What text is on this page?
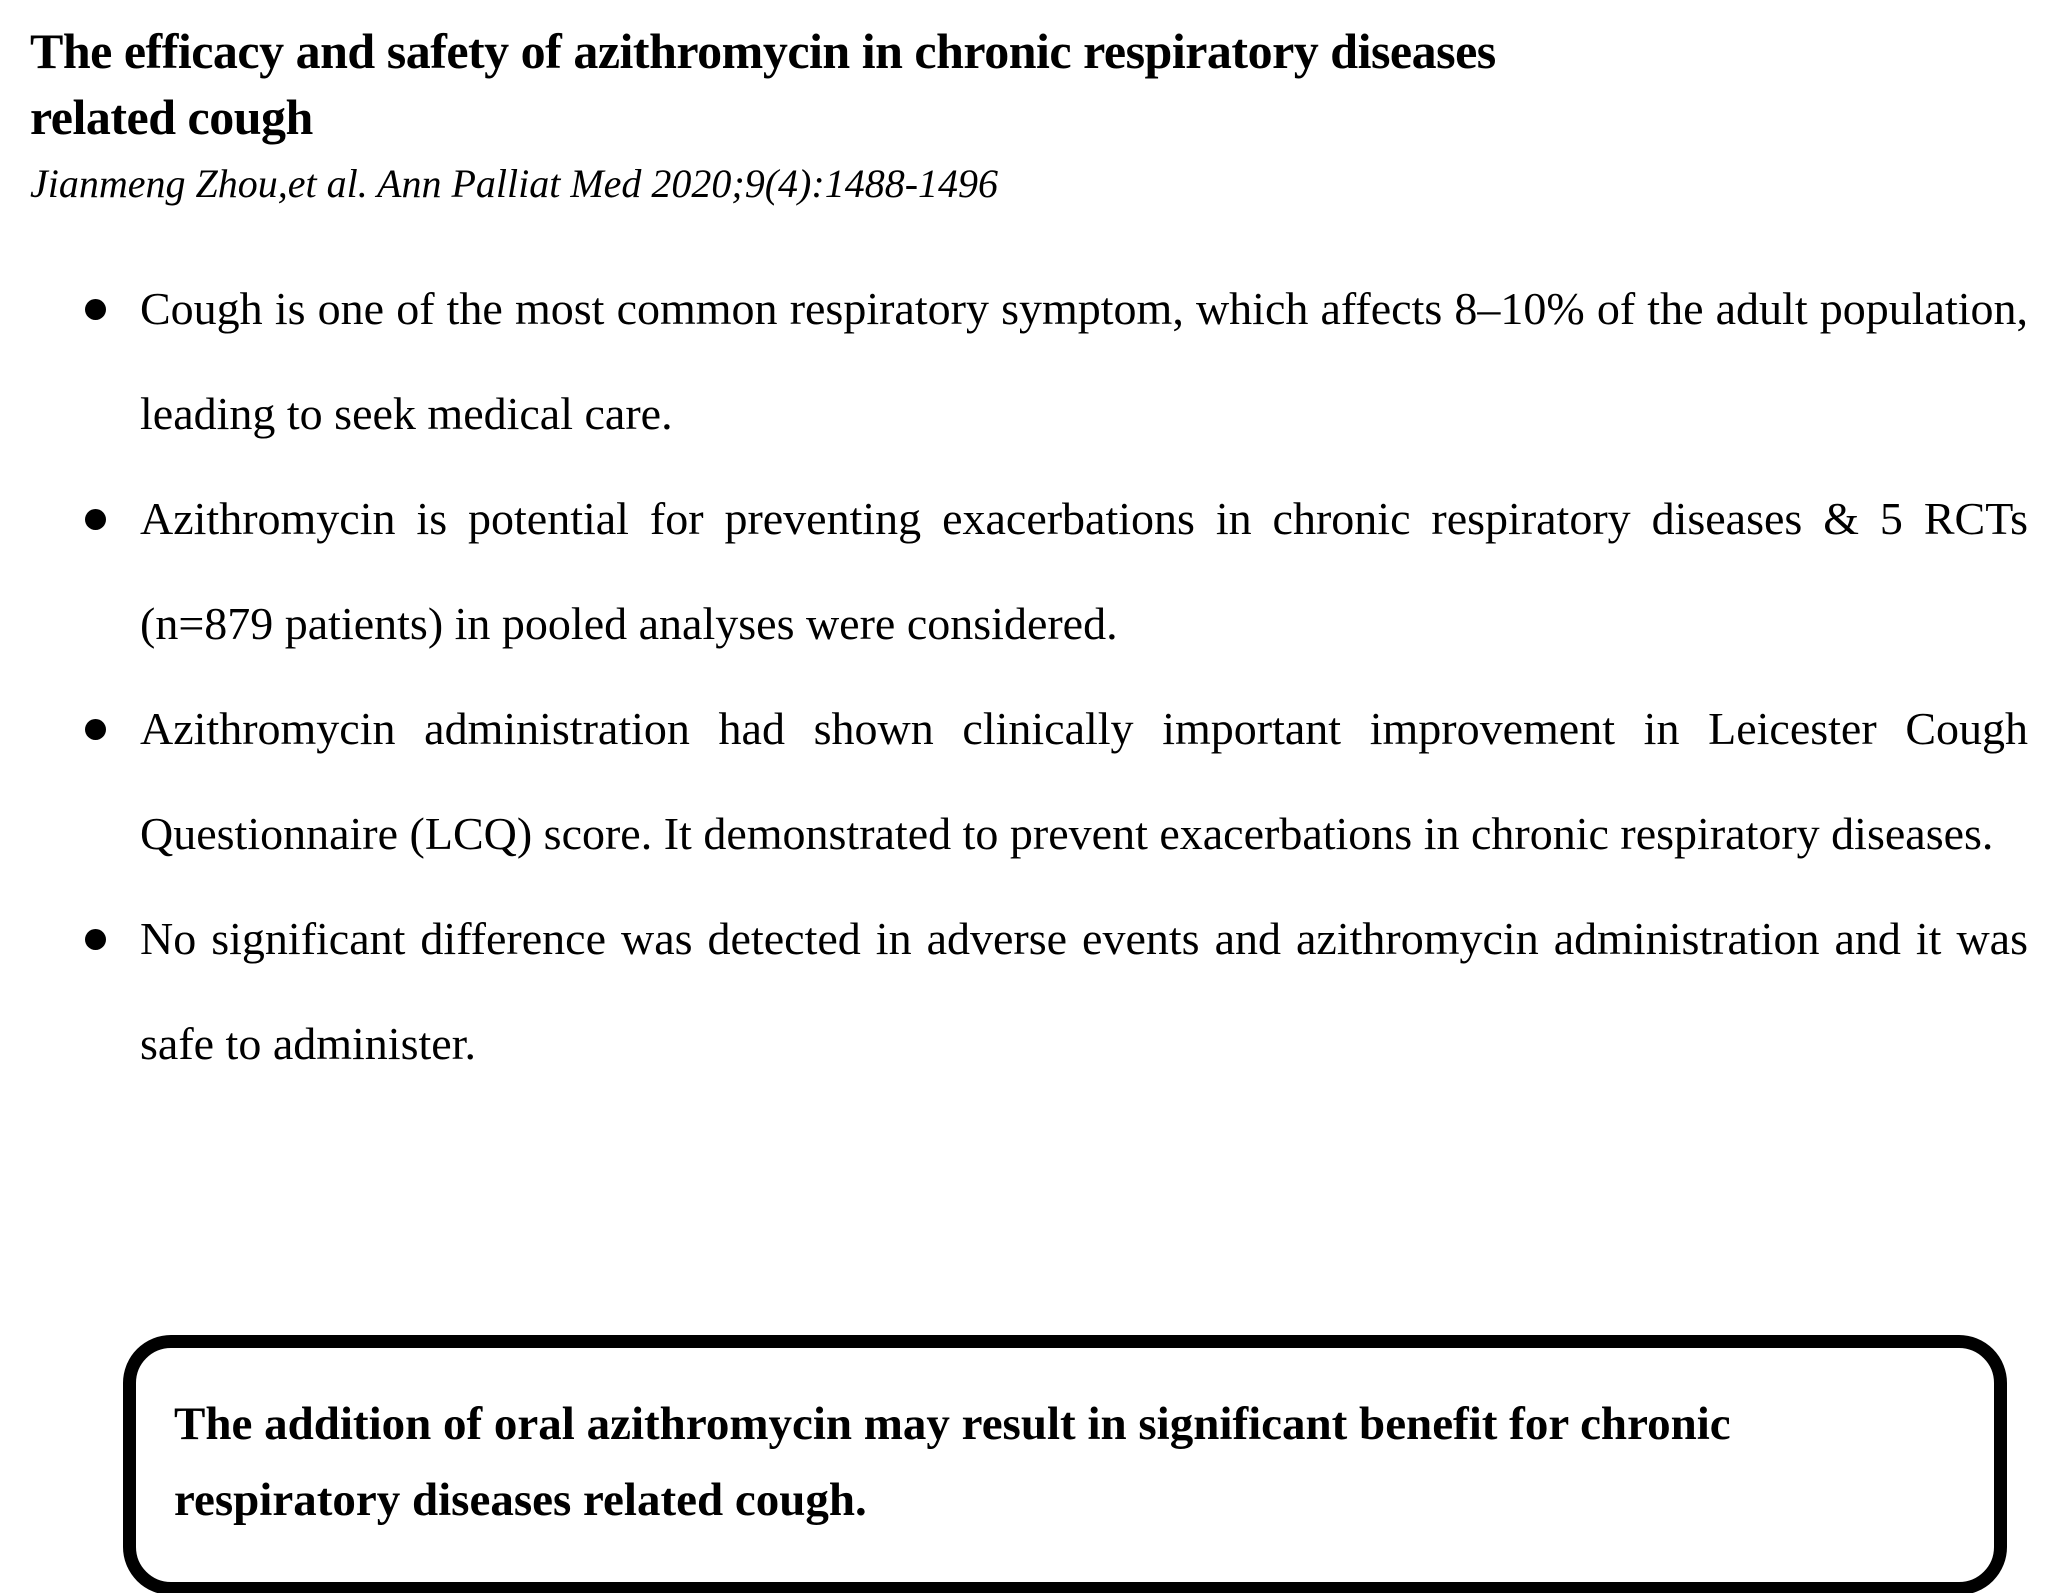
The efficacy and safety of azithromycin in chronic respiratory diseases
related cough

Jianmeng Zhou,et al. Ann Palliat Med 2020;9(4):1488-1496

Cough is one of the most common respiratory symptom, which affects 8–10% of the adult population, leading to seek medical care.
Azithromycin is potential for preventing exacerbations in chronic respiratory diseases & 5 RCTs (n=879 patients) in pooled analyses were considered.
Azithromycin administration had shown clinically important improvement in Leicester Cough Questionnaire (LCQ) score. It demonstrated to prevent exacerbations in chronic respiratory diseases.
No significant difference was detected in adverse events and azithromycin administration and it was safe to administer.

The addition of oral azithromycin may result in significant benefit for chronic respiratory diseases related cough.
